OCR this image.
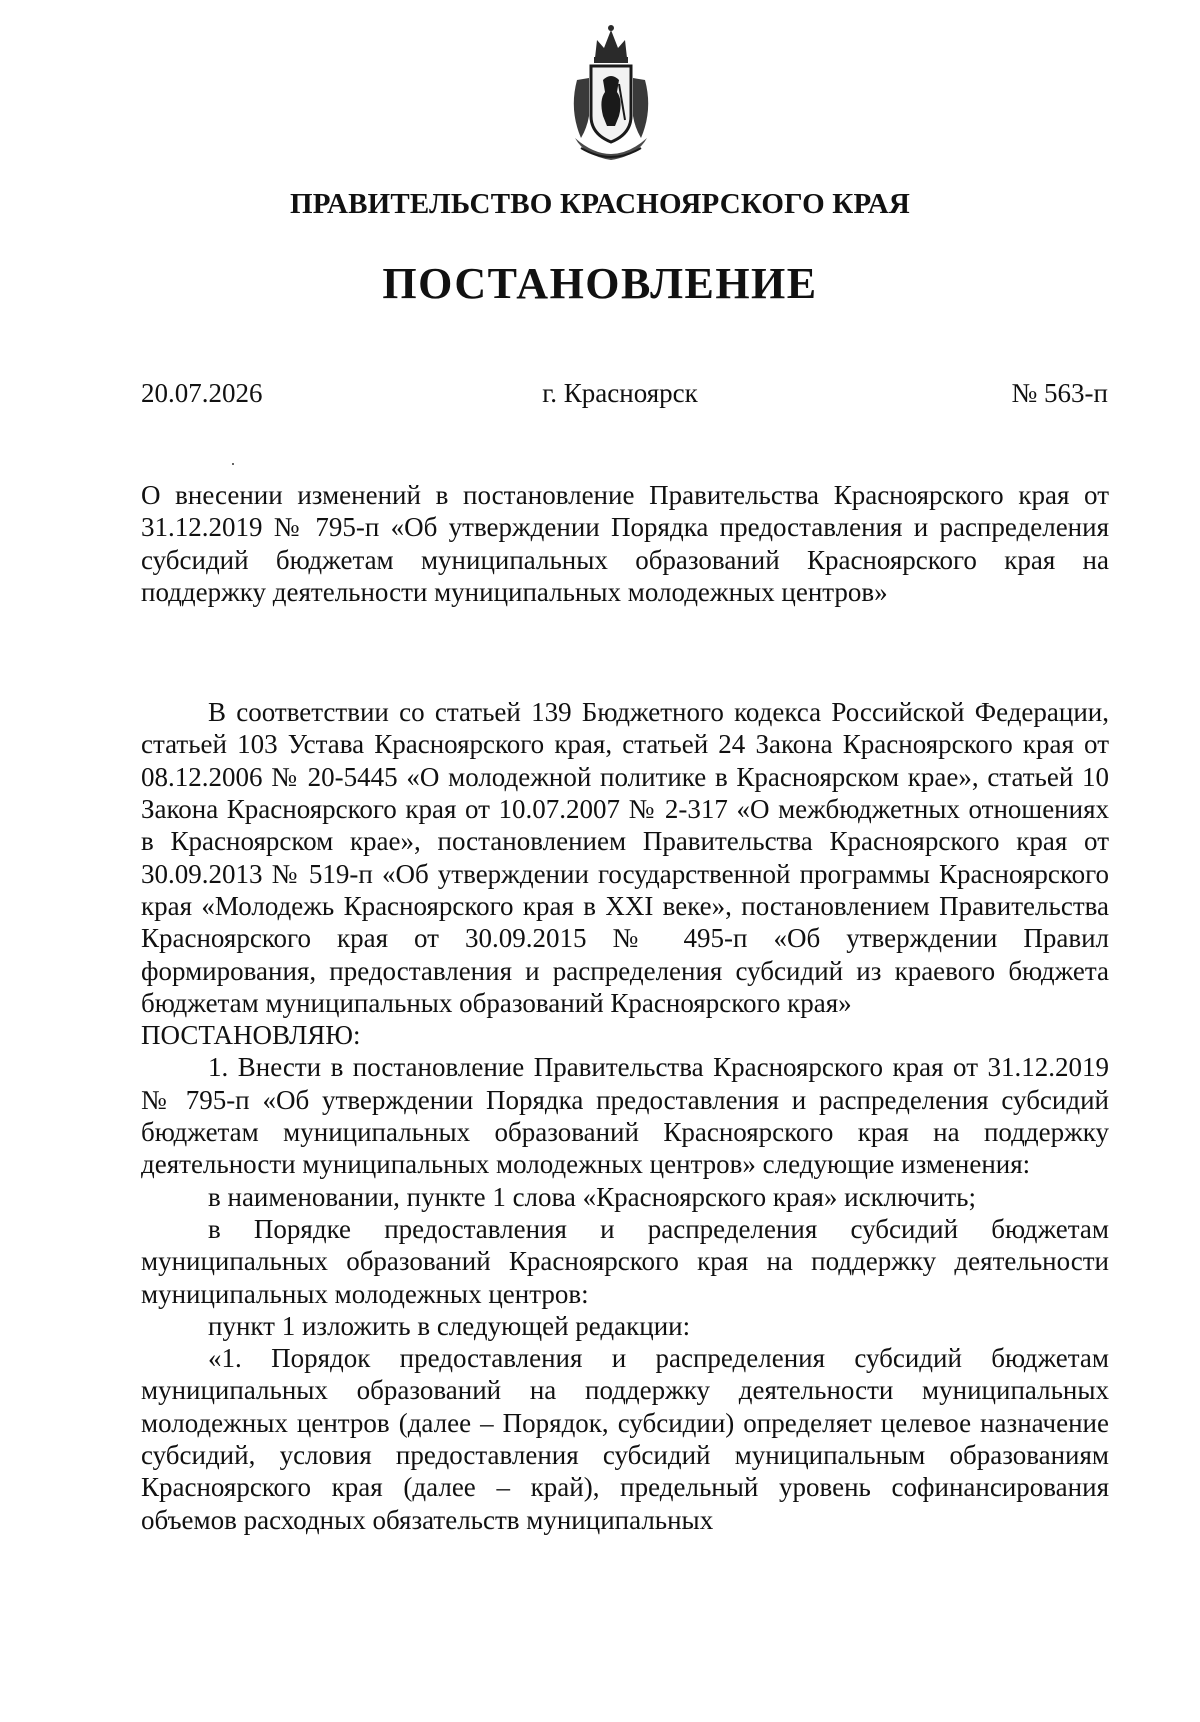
ПРАВИТЕЛЬСТВО КРАСНОЯРСКОГО КРАЯ
ПОСТАНОВЛЕНИЕ
20.07.2026	г. Красноярск	№ 563-п

О внесении изменений в постановление Правительства Красноярского края от 31.12.2019 № 795-п «Об утверждении Порядка предоставления и распределения субсидий бюджетам муниципальных образований Красноярского края на поддержку деятельности муниципальных молодежных центров»

В соответствии со статьей 139 Бюджетного кодекса Российской Федерации, статьей 103 Устава Красноярского края, статьей 24 Закона Красноярского края от 08.12.2006 № 20-5445 «О молодежной политике в Красноярском крае», статьей 10 Закона Красноярского края от 10.07.2007 № 2-317 «О межбюджетных отношениях в Красноярском крае», постановлением Правительства Красноярского края от 30.09.2013 № 519-п «Об утверждении государственной программы Красноярского края «Молодежь Красноярского края в XXI веке», постановлением Правительства Красноярского края от 30.09.2015 № 495-п «Об утверждении Правил формирования, предоставления и распределения субсидий из краевого бюджета бюджетам муниципальных образований Красноярского края»

ПОСТАНОВЛЯЮ:

1. Внести в постановление Правительства Красноярского края от 31.12.2019 № 795-п «Об утверждении Порядка предоставления и распределения субсидий бюджетам муниципальных образований Красноярского края на поддержку деятельности муниципальных молодежных центров» следующие изменения:

в наименовании, пункте 1 слова «Красноярского края» исключить;

в Порядке предоставления и распределения субсидий бюджетам муниципальных образований Красноярского края на поддержку деятельности муниципальных молодежных центров:

пункт 1 изложить в следующей редакции:

«1. Порядок предоставления и распределения субсидий бюджетам муниципальных образований на поддержку деятельности муниципальных молодежных центров (далее – Порядок, субсидии) определяет целевое назначение субсидий, условия предоставления субсидий муниципальным образованиям Красноярского края (далее – край), предельный уровень софинансирования объемов расходных обязательств муниципальных
